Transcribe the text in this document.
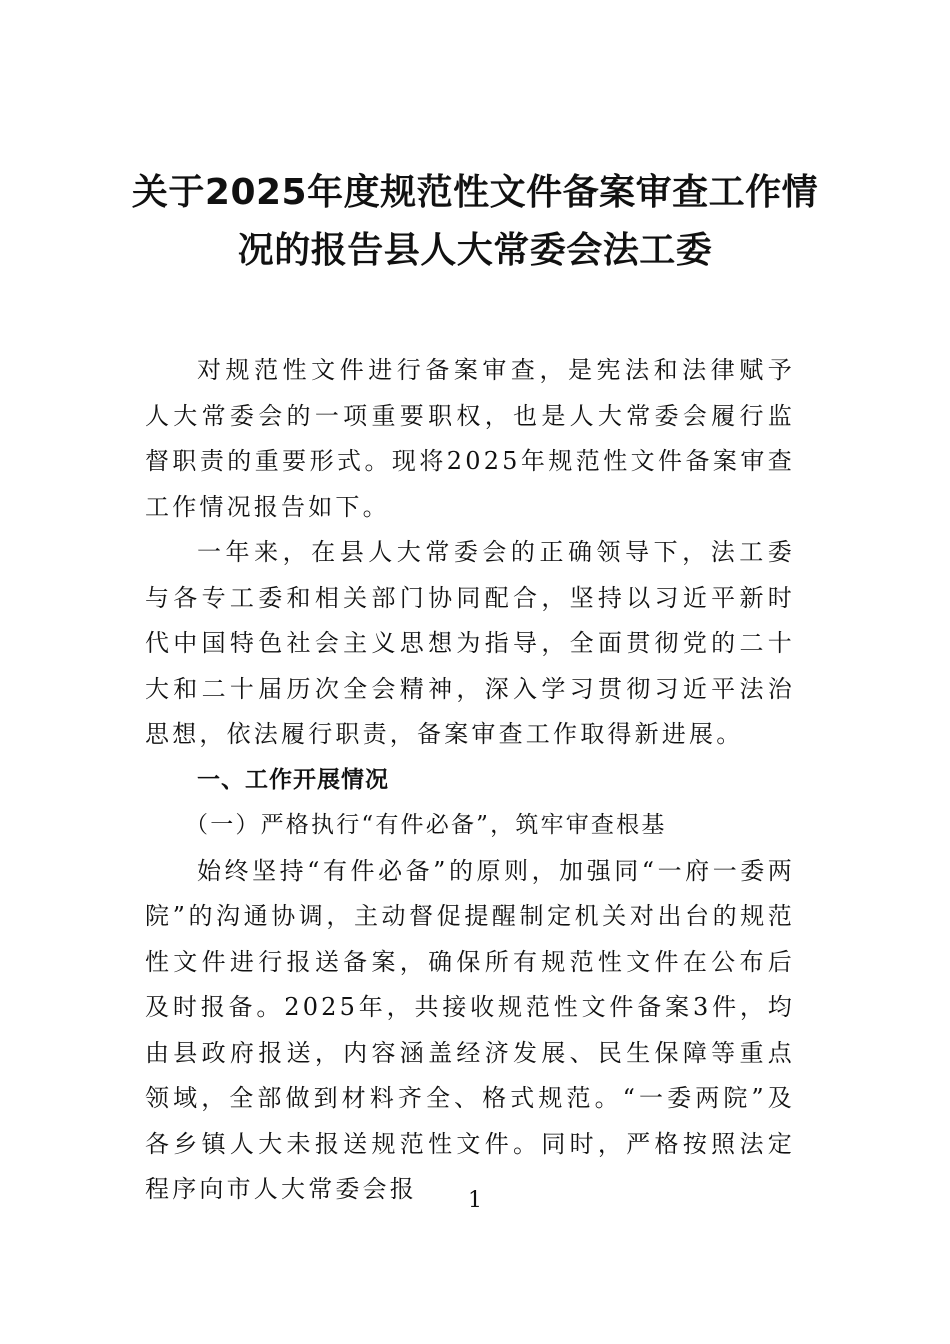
关于2025年度规范性文件备案审查工作情
况的报告县人大常委会法工委

对规范性文件进行备案审查，是宪法和法律赋予人大常委会的一项重要职权，也是人大常委会履行监督职责的重要形式。现将2025年规范性文件备案审查工作情况报告如下。

一年来，在县人大常委会的正确领导下，法工委与各专工委和相关部门协同配合，坚持以习近平新时代中国特色社会主义思想为指导，全面贯彻党的二十大和二十届历次全会精神，深入学习贯彻习近平法治思想，依法履行职责，备案审查工作取得新进展。

一、工作开展情况

（一）严格执行“有件必备”，筑牢审查根基

始终坚持“有件必备”的原则，加强同“一府一委两院”的沟通协调，主动督促提醒制定机关对出台的规范性文件进行报送备案，确保所有规范性文件在公布后及时报备。2025年，共接收规范性文件备案3件，均由县政府报送，内容涵盖经济发展、民生保障等重点领域，全部做到材料齐全、格式规范。“一委两院”及各乡镇人大未报送规范性文件。同时，严格按照法定程序向市人大常委会报	1
